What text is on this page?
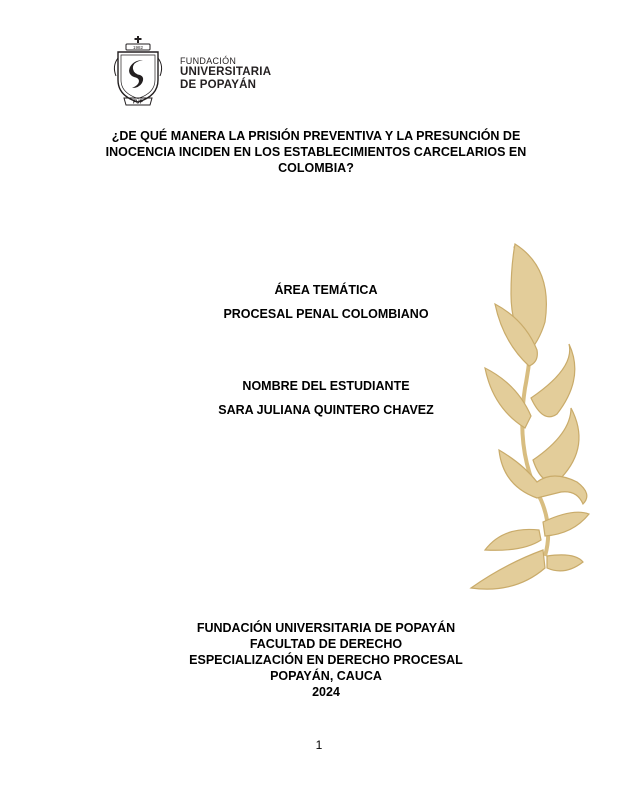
1982
FUP
FUNDACIÓN
UNIVERSITARIA
DE POPAYÁN
¿DE QUÉ MANERA LA PRISIÓN PREVENTIVA Y LA PRESUNCIÓN DE
INOCENCIA INCIDEN EN LOS ESTABLECIMIENTOS CARCELARIOS EN
COLOMBIA?
ÁREA TEMÁTICA
PROCESAL PENAL COLOMBIANO
NOMBRE DEL ESTUDIANTE
SARA JULIANA QUINTERO CHAVEZ
FUNDACIÓN UNIVERSITARIA DE POPAYÁN
FACULTAD DE DERECHO
ESPECIALIZACIÓN EN DERECHO PROCESAL
POPAYÁN, CAUCA
2024
1
